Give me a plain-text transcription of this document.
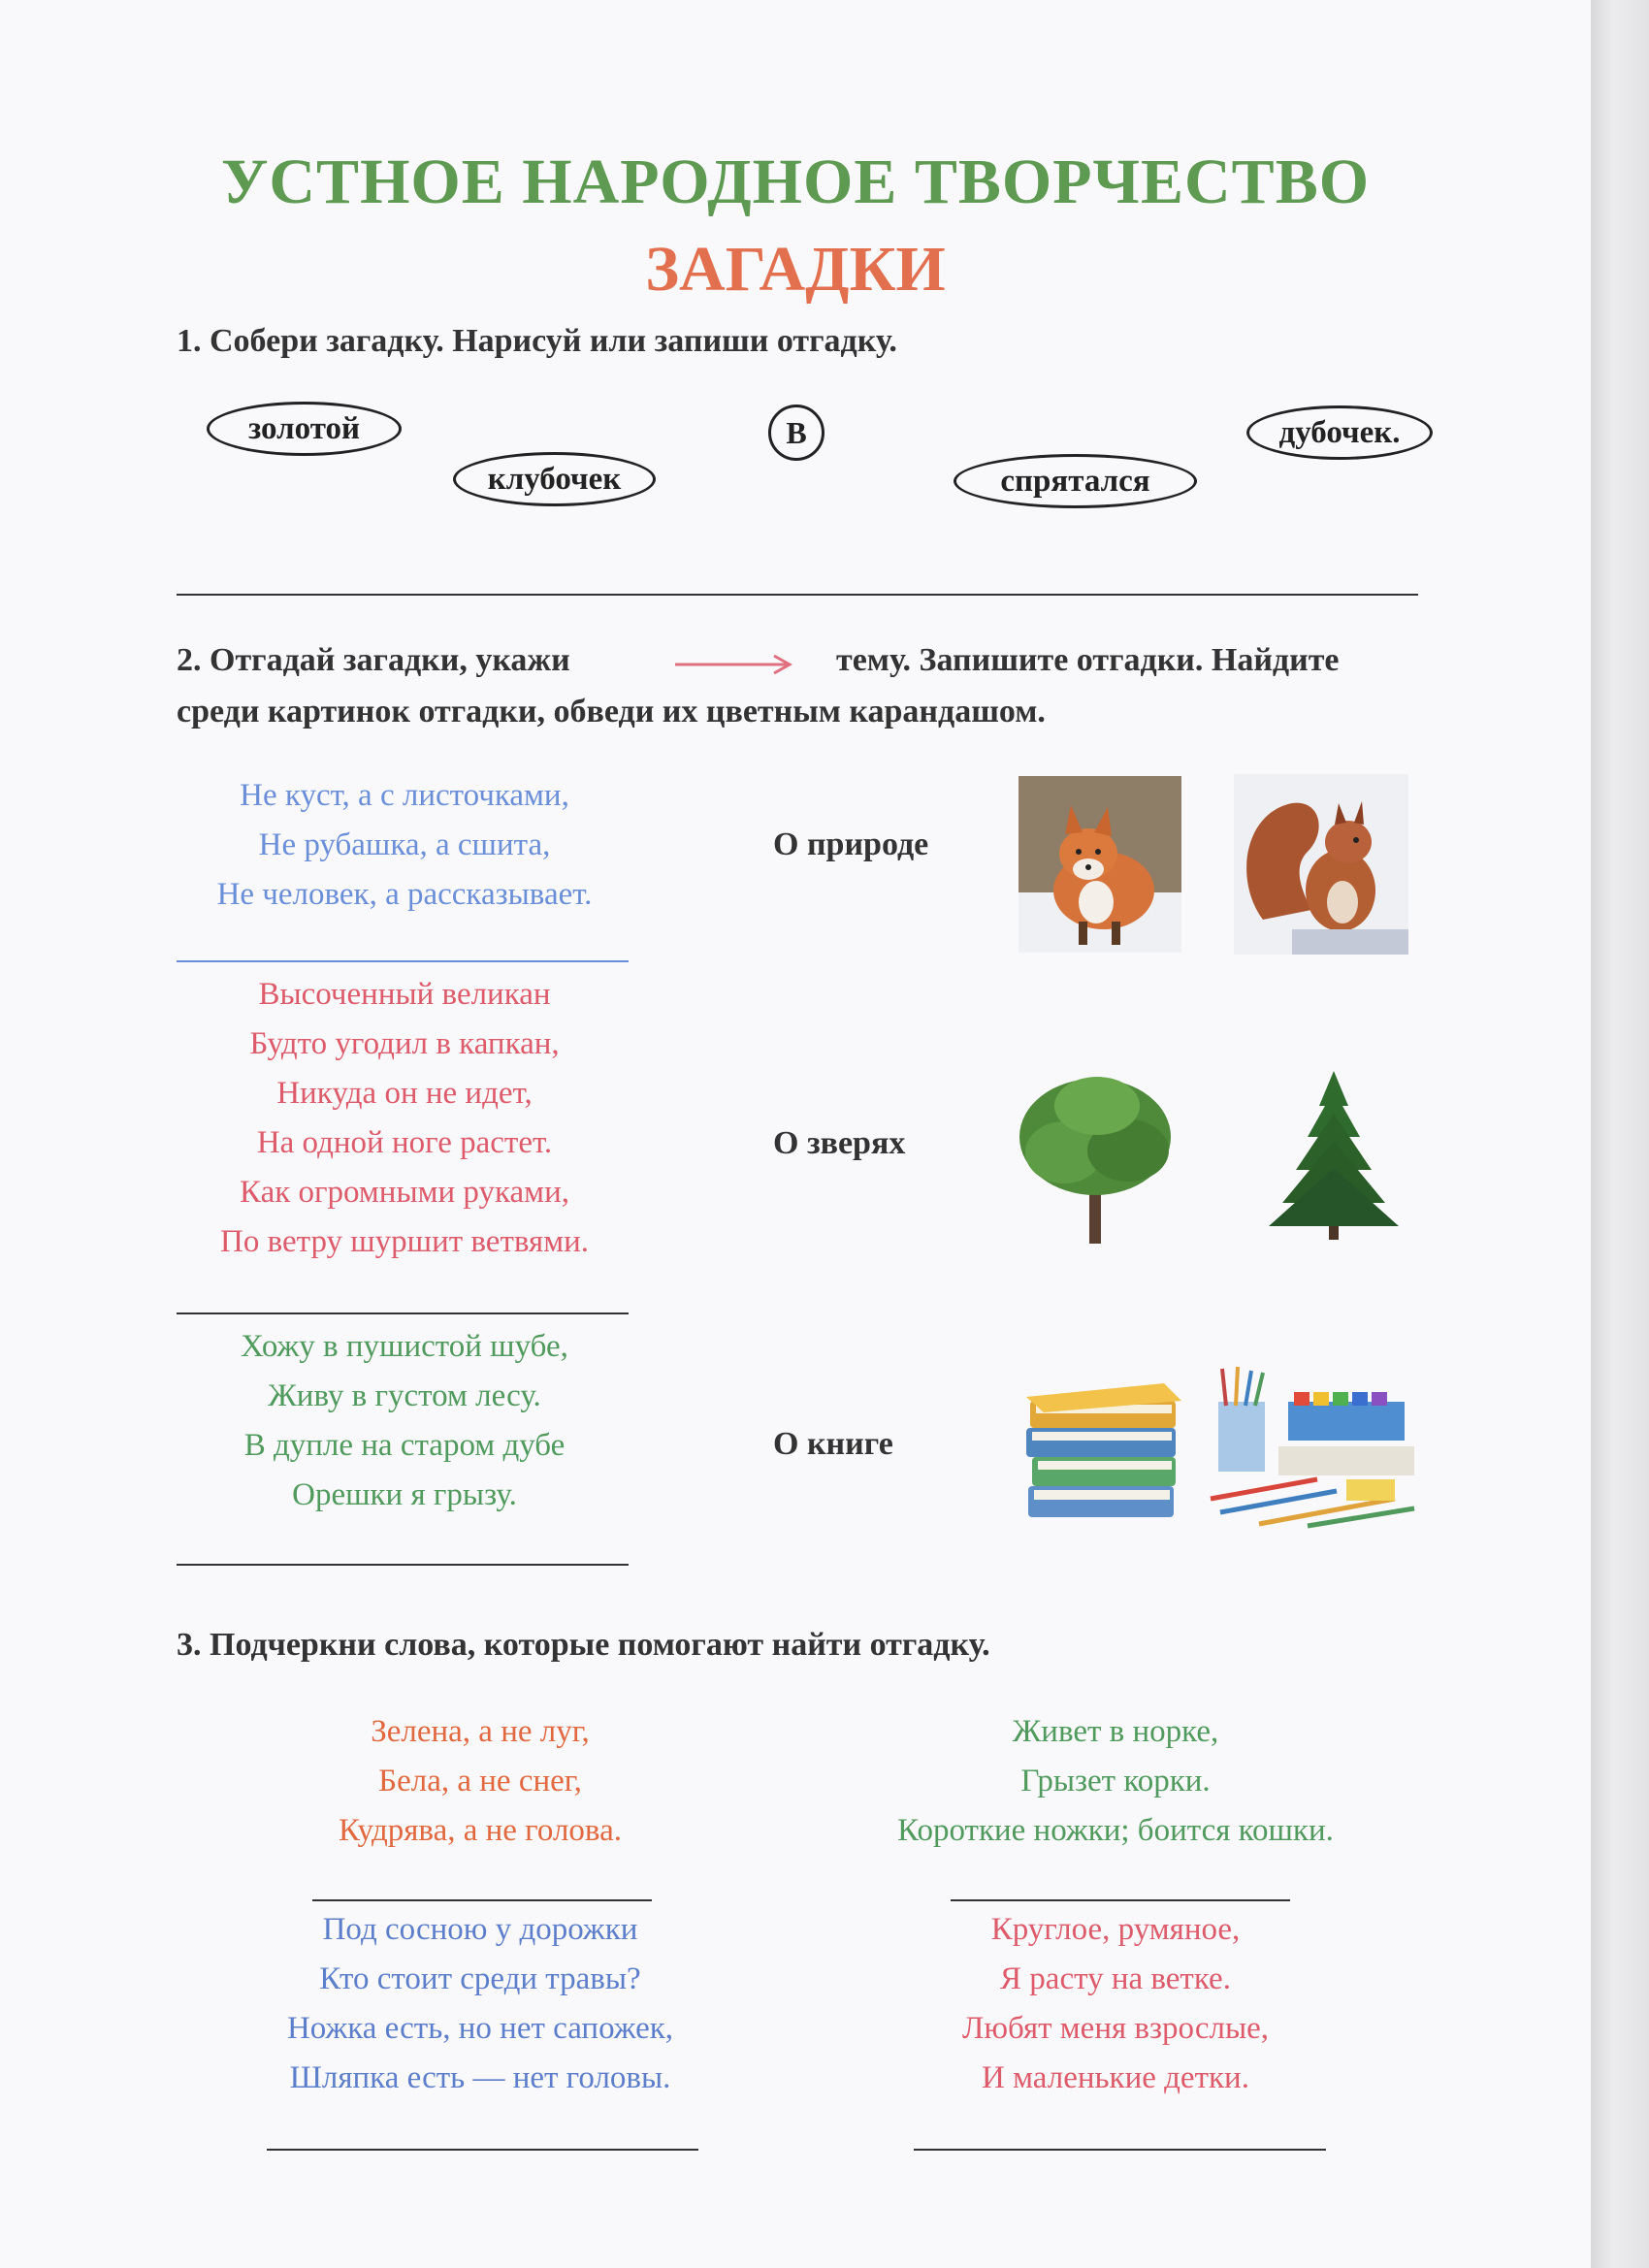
УСТНОЕ НАРОДНОЕ ТВОРЧЕСТВО
ЗАГАДКИ

1. Собери загадку. Нарисуй или запиши отгадку.

золотой
клубочек
В
спрятался
дубочек.

2. Отгадай загадки, укажи	тему. Запишите отгадки. Найдите

среди картинок отгадки, обведи их цветным карандашом.

Не куст, а с листочками,
Не рубашка, а сшита,
Не человек, а рассказывает.
Высоченный великан
Будто угодил в капкан,
Никуда он не идет,
На одной ноге растет.
Как огромными руками,
По ветру шуршит ветвями.
Хожу в пушистой шубе,
Живу в густом лесу.
В дупле на старом дубе
Орешки я грызу.
О природе
О зверях
О книге

3. Подчеркни слова, которые помогают найти отгадку.

Зелена, а не луг,
Бела, а не снег,
Кудрява, а не голова.
Живет в норке,
Грызет корки.
Короткие ножки; боится кошки.
Под сосною у дорожки
Кто стоит среди травы?
Ножка есть, но нет сапожек,
Шляпка есть — нет головы.
Круглое, румяное,
Я расту на ветке.
Любят меня взрослые,
И маленькие детки.
